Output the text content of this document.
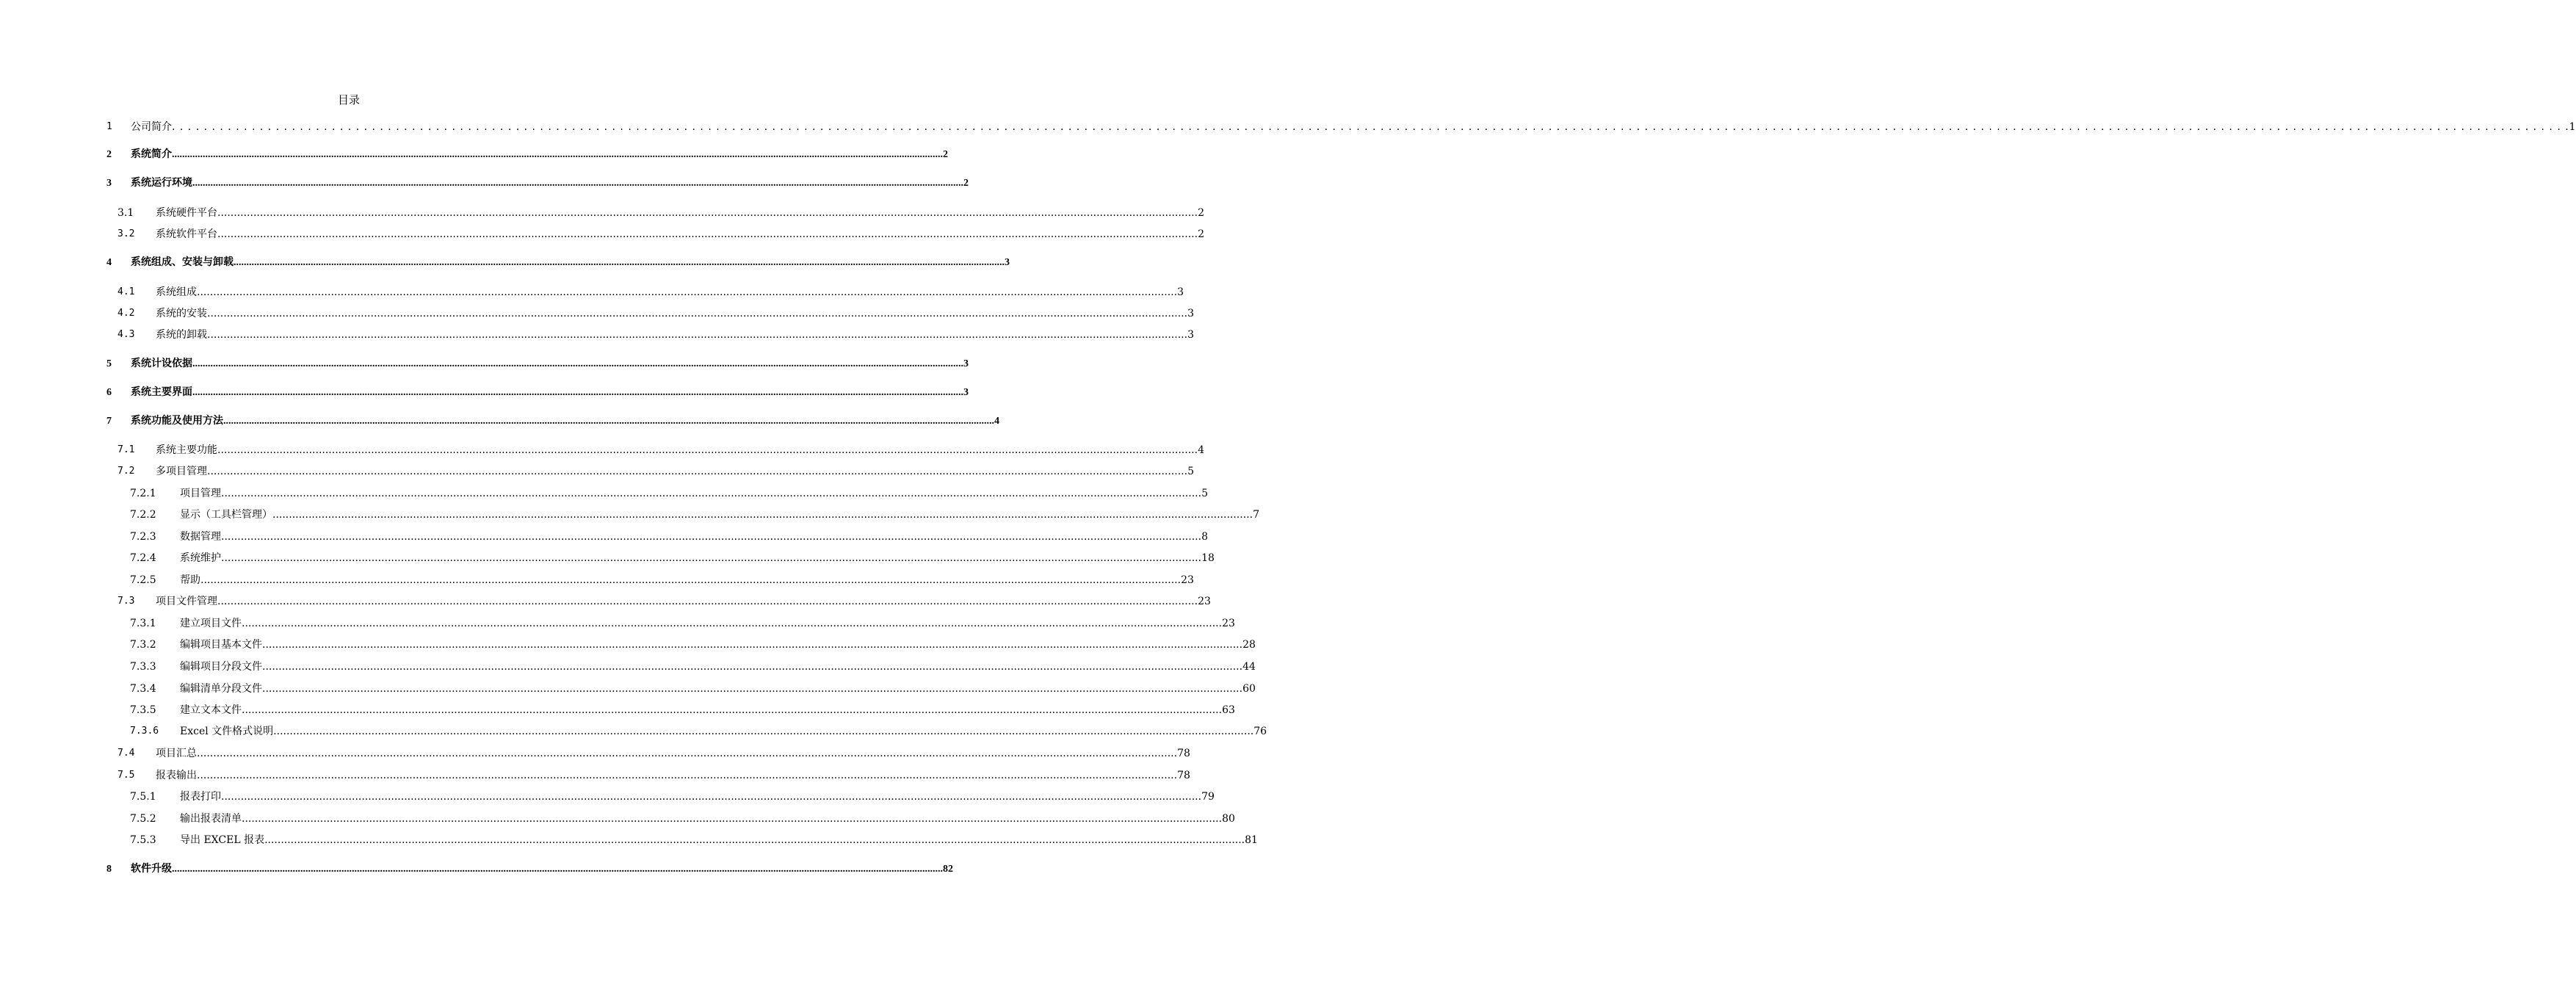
目录
1	公司简介 . . . . . . . . . . . . . . . . . . . . . . . . . . . . . . . . . . . . . . . . . . . . . . . . . . . . . . . . . . . . . . . . . . . . . . . . . . . . . . . . . . . . . . . . . . . . . . . . . . . . . . . . . . . . . . . . . . . . . . . . . . . . . . . . . . . . . . . . . . . . . . . . . . . . . . . . . . . . . . . . . . . . . . . . . . . . . . . . . . . . . . . . . . . . . . . . . . . . . . . . . . . . . . . . . . . . . . . . . . . . . . . . . . . . . . . . . . . . . . . . . . . . . . . . . . . . . . . . . . . . . . . . . . . . . . . . . . . . . . . . . . . . . . . . . . . . . . . . . . . . 1
2	系统简介 ............................................................................................................................................................................................................................................................................................................ 2
3	系统运行环境 ............................................................................................................................................................................................................................................................................................................ 2
3.1	系统硬件平台 ............................................................................................................................................................................................................................................................................................................ 2
3.2	系统软件平台 ............................................................................................................................................................................................................................................................................................................ 2
4	系统组成、安装与卸载 ............................................................................................................................................................................................................................................................................................................ 3
4.1	系统组成 ............................................................................................................................................................................................................................................................................................................ 3
4.2	系统的安装 ............................................................................................................................................................................................................................................................................................................ 3
4.3	系统的卸载 ............................................................................................................................................................................................................................................................................................................ 3
5	系统计设依据 ............................................................................................................................................................................................................................................................................................................ 3
6	系统主要界面 ............................................................................................................................................................................................................................................................................................................ 3
7	系统功能及使用方法 ............................................................................................................................................................................................................................................................................................................ 4
7.1	系统主要功能 ............................................................................................................................................................................................................................................................................................................ 4
7.2	多项目管理 ............................................................................................................................................................................................................................................................................................................ 5
7.2.1	项目管理 ............................................................................................................................................................................................................................................................................................................ 5
7.2.2	显示（工具栏管理） ............................................................................................................................................................................................................................................................................................................ 7
7.2.3	数据管理 ............................................................................................................................................................................................................................................................................................................ 8
7.2.4	系统维护 ............................................................................................................................................................................................................................................................................................................ 18
7.2.5	帮助 ............................................................................................................................................................................................................................................................................................................ 23
7.3	项目文件管理 ............................................................................................................................................................................................................................................................................................................ 23
7.3.1	建立项目文件 ............................................................................................................................................................................................................................................................................................................ 23
7.3.2	编辑项目基本文件 ............................................................................................................................................................................................................................................................................................................ 28
7.3.3	编辑项目分段文件 ............................................................................................................................................................................................................................................................................................................ 44
7.3.4	编辑清单分段文件 ............................................................................................................................................................................................................................................................................................................ 60
7.3.5	建立文本文件 ............................................................................................................................................................................................................................................................................................................ 63
7.3.6	Excel 文件格式说明 ............................................................................................................................................................................................................................................................................................................ 76
7.4	项目汇总 ............................................................................................................................................................................................................................................................................................................ 78
7.5	报表输出 ............................................................................................................................................................................................................................................................................................................ 78
7.5.1	报表打印 ............................................................................................................................................................................................................................................................................................................ 79
7.5.2	输出报表清单 ............................................................................................................................................................................................................................................................................................................ 80
7.5.3	导出 EXCEL 报表 ............................................................................................................................................................................................................................................................................................................ 81
8	软件升级 ............................................................................................................................................................................................................................................................................................................ 82
